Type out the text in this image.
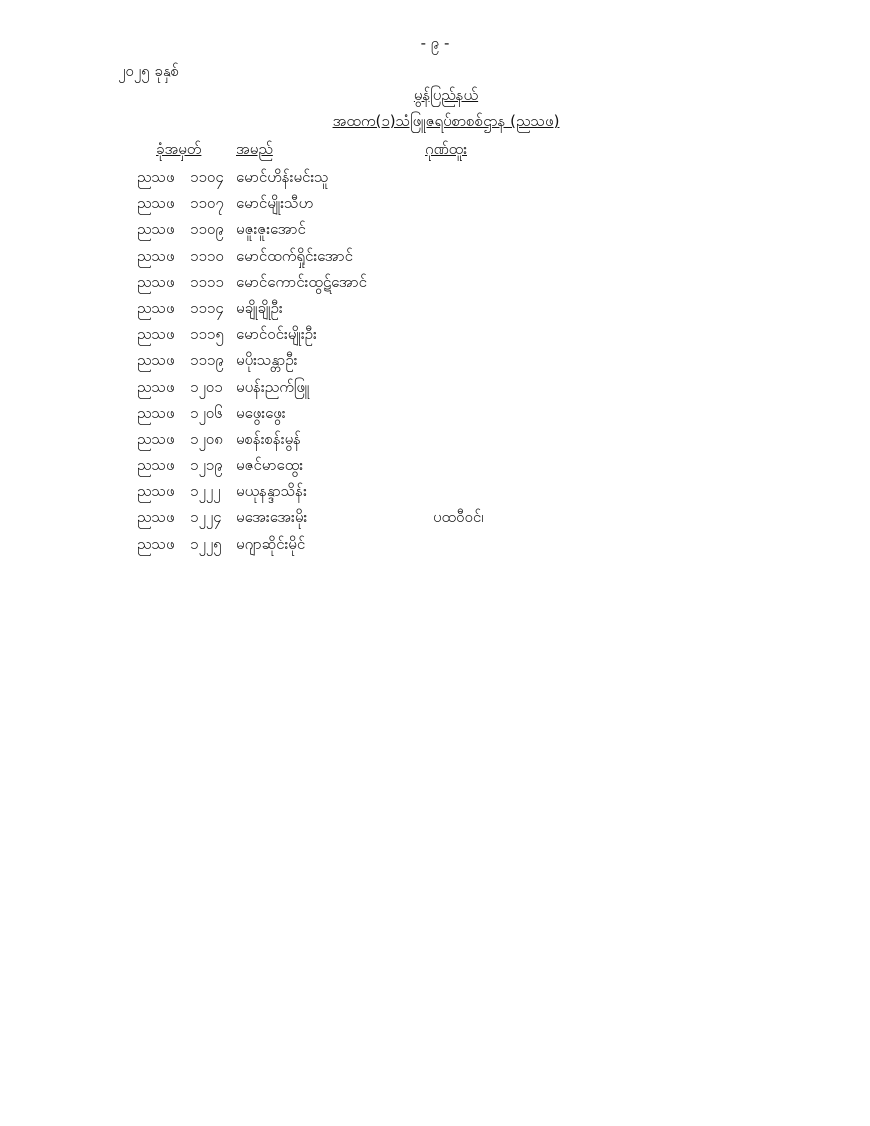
- ၉ -
၂၀၂၅ ခုနှစ်
မွန်ပြည်နယ်
အထက(၁)သံဖြူဇရပ်စာစစ်ဌာန (ညသဖ)
ခုံအမှတ် အမည်	ဂုဏ်ထူး
ညသဖ ၁၁၀၄ မောင်ဟိန်းမင်းသူ
ညသဖ ၁၁၀၇ မောင်မျိုးသီဟ
ညသဖ ၁၁၀၉ မဇူးဇူးအောင်
ညသဖ ၁၁၁၀ မောင်ထက်ရှိုင်းအောင်
ညသဖ ၁၁၁၁ မောင်ကောင်းထွဋ်အောင်
ညသဖ ၁၁၁၄ မချိုချိုဦး
ညသဖ ၁၁၁၅ မောင်ဝင်းမျိုးဦး
ညသဖ ၁၁၁၉ မပိုးသန္တာဦး
ညသဖ ၁၂၀၁ မပန်းညက်ဖြူ
ညသဖ ၁၂၀၆ မဖွေးဖွေး
ညသဖ ၁၂၀၈ မစန်းစန်းမွန်
ညသဖ ၁၂၁၉ မဇင်မာထွေး
ညသဖ ၁၂၂၂ မယုနန္ဒာသိန်း
ညသဖ ၁၂၂၄ မအေးအေးမိုး	ပထဝီဝင်၊
ညသဖ ၁၂၂၅ မဂျာဆိုင်းမိုင်
